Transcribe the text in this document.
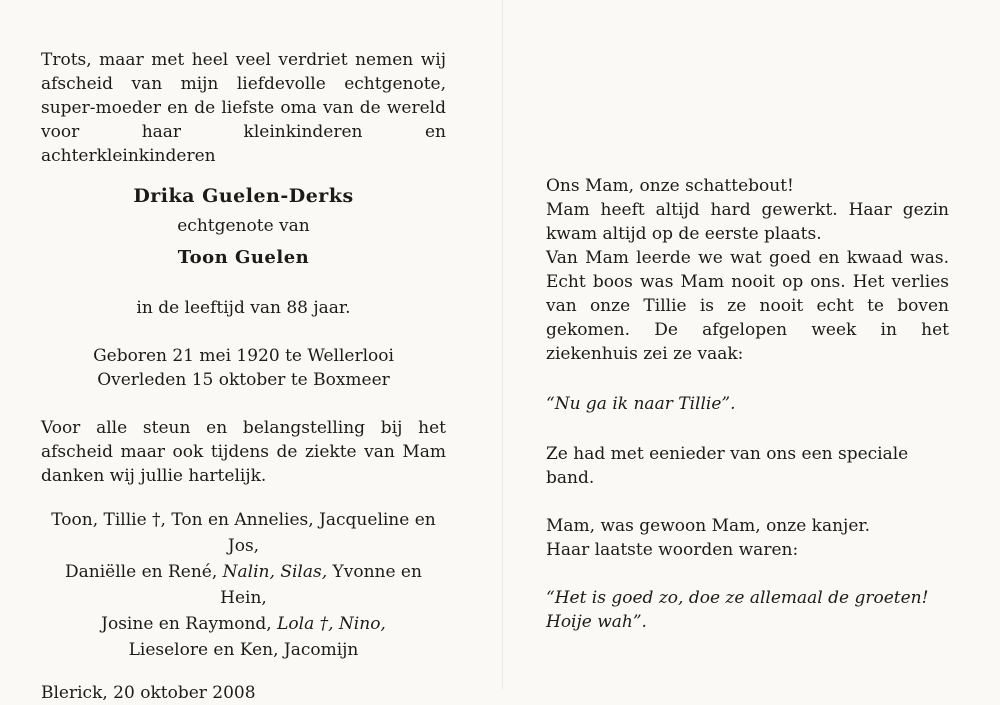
Trots, maar met heel veel verdriet nemen wij afscheid van mijn liefdevolle echtgenote, super-moeder en de liefste oma van de wereld voor haar kleinkinderen en achterkleinkinderen
Drika Guelen-Derks
echtgenote van
Toon Guelen
in de leeftijd van 88 jaar.
Geboren 21 mei 1920 te Wellerlooi
Overleden 15 oktober te Boxmeer
Voor alle steun en belangstelling bij het afscheid maar ook tijdens de ziekte van Mam danken wij jullie hartelijk.
Toon, Tillie †, Ton en Annelies, Jacqueline en Jos,
Daniëlle en René, Nalin, Silas, Yvonne en Hein,
Josine en Raymond, Lola †, Nino,
Lieselore en Ken, Jacomijn
Blerick, 20 oktober 2008
Ons Mam, onze schattebout!
Mam heeft altijd hard gewerkt. Haar gezin kwam altijd op de eerste plaats.
Van Mam leerde we wat goed en kwaad was. Echt boos was Mam nooit op ons. Het verlies van onze Tillie is ze nooit echt te boven gekomen. De afgelopen week in het ziekenhuis zei ze vaak:
“Nu ga ik naar Tillie”.
Ze had met eenieder van ons een speciale band.
Mam, was gewoon Mam, onze kanjer.
Haar laatste woorden waren:
“Het is goed zo, doe ze allemaal de groeten!
Hoije wah”.
